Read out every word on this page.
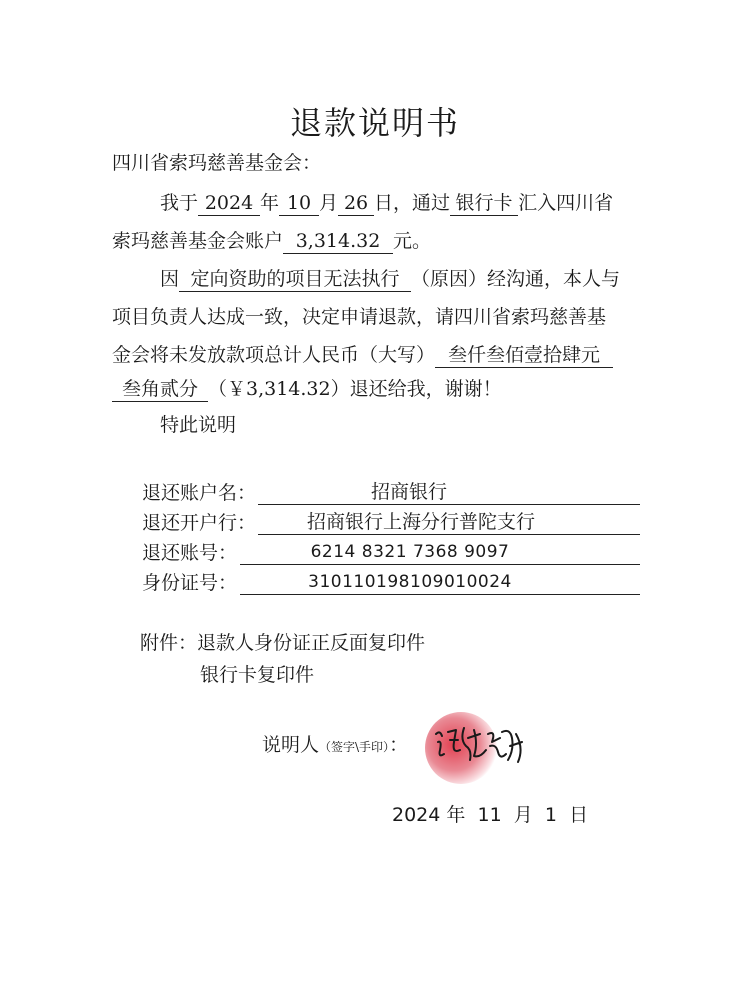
退款说明书
四川省索玛慈善基金会：
我于 2024 年 10 月 26 日，通过 银行卡 汇入四川省
索玛慈善基金会账户 3,314.32 元。
因 定向资助的项目无法执行 （原因）经沟通，本人与
项目负责人达成一致，决定申请退款，请四川省索玛慈善基
金会将未发放款项总计人民币（大写） 叁仟叁佰壹拾肆元
叁角贰分 （￥3,314.32）退还给我，谢谢！
特此说明
退还账户名：	招商银行
退还开户行：	招商银行上海分行普陀支行
退还账号：	6214 8321 7368 9097
身份证号：	310110198109010024
附件：退款人身份证正反面复印件
银行卡复印件
说明人（签字\手印）：
2024 年 11 月 1 日
